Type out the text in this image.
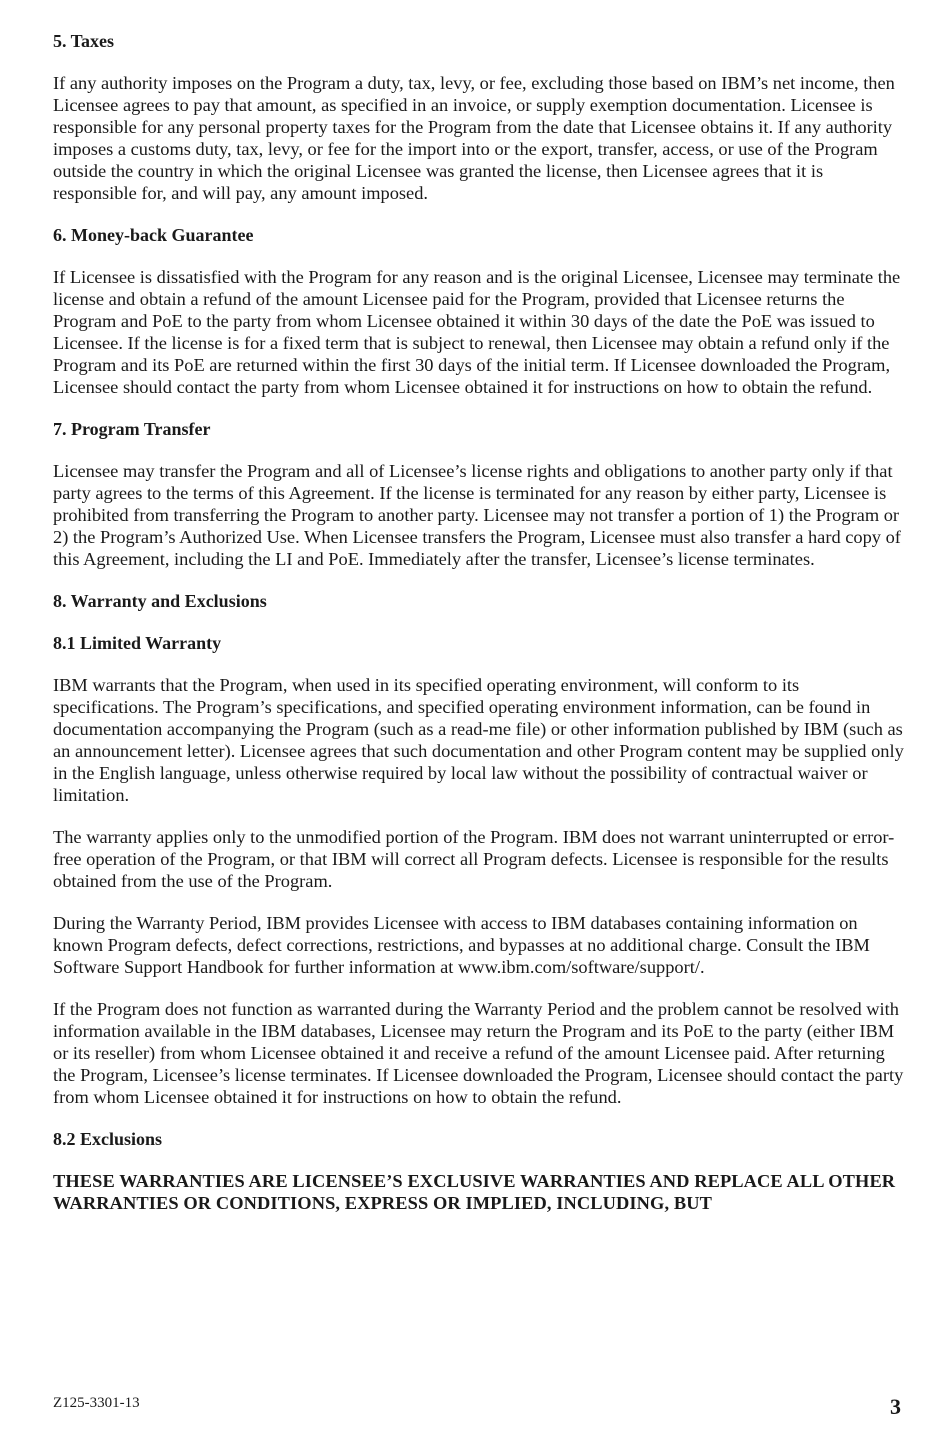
5. Taxes
If any authority imposes on the Program a duty, tax, levy, or fee, excluding those based on IBM’s net income, then Licensee agrees to pay that amount, as specified in an invoice, or supply exemption documentation. Licensee is responsible for any personal property taxes for the Program from the date that Licensee obtains it. If any authority imposes a customs duty, tax, levy, or fee for the import into or the export, transfer, access, or use of the Program outside the country in which the original Licensee was granted the license, then Licensee agrees that it is responsible for, and will pay, any amount imposed.
6. Money-back Guarantee
If Licensee is dissatisfied with the Program for any reason and is the original Licensee, Licensee may terminate the license and obtain a refund of the amount Licensee paid for the Program, provided that Licensee returns the Program and PoE to the party from whom Licensee obtained it within 30 days of the date the PoE was issued to Licensee. If the license is for a fixed term that is subject to renewal, then Licensee may obtain a refund only if the Program and its PoE are returned within the first 30 days of the initial term. If Licensee downloaded the Program, Licensee should contact the party from whom Licensee obtained it for instructions on how to obtain the refund.
7. Program Transfer
Licensee may transfer the Program and all of Licensee’s license rights and obligations to another party only if that party agrees to the terms of this Agreement. If the license is terminated for any reason by either party, Licensee is prohibited from transferring the Program to another party. Licensee may not transfer a portion of 1) the Program or 2) the Program’s Authorized Use. When Licensee transfers the Program, Licensee must also transfer a hard copy of this Agreement, including the LI and PoE. Immediately after the transfer, Licensee’s license terminates.
8. Warranty and Exclusions
8.1 Limited Warranty
IBM warrants that the Program, when used in its specified operating environment, will conform to its specifications. The Program’s specifications, and specified operating environment information, can be found in documentation accompanying the Program (such as a read-me file) or other information published by IBM (such as an announcement letter). Licensee agrees that such documentation and other Program content may be supplied only in the English language, unless otherwise required by local law without the possibility of contractual waiver or limitation.
The warranty applies only to the unmodified portion of the Program. IBM does not warrant uninterrupted or error-free operation of the Program, or that IBM will correct all Program defects. Licensee is responsible for the results obtained from the use of the Program.
During the Warranty Period, IBM provides Licensee with access to IBM databases containing information on known Program defects, defect corrections, restrictions, and bypasses at no additional charge. Consult the IBM Software Support Handbook for further information at www.ibm.com/software/support/.
If the Program does not function as warranted during the Warranty Period and the problem cannot be resolved with information available in the IBM databases, Licensee may return the Program and its PoE to the party (either IBM or its reseller) from whom Licensee obtained it and receive a refund of the amount Licensee paid. After returning the Program, Licensee’s license terminates. If Licensee downloaded the Program, Licensee should contact the party from whom Licensee obtained it for instructions on how to obtain the refund.
8.2 Exclusions
THESE WARRANTIES ARE LICENSEE’S EXCLUSIVE WARRANTIES AND REPLACE ALL OTHER WARRANTIES OR CONDITIONS, EXPRESS OR IMPLIED, INCLUDING, BUT
Z125-3301-13	3
